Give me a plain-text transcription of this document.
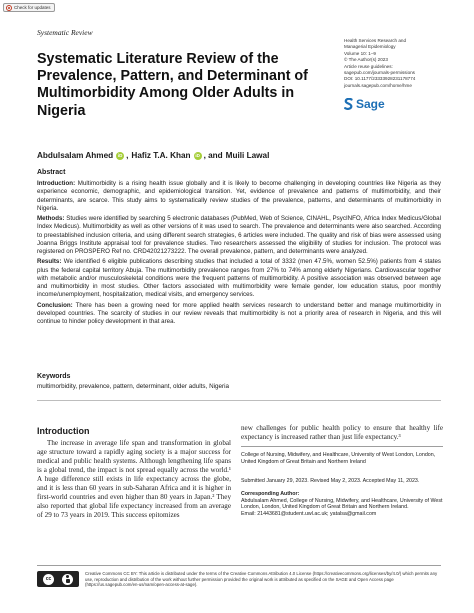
Check for updates
Systematic Review
Systematic Literature Review of the Prevalence, Pattern, and Determinant of Multimorbidity Among Older Adults in Nigeria
Health Services Research and
Managerial Epidemiology
Volume 10: 1–9
© The Author(s) 2023
Article reuse guidelines:
sagepub.com/journals-permissions
DOI: 10.1177/23333928231178774
journals.sagepub.com/home/hme
Sage
Abdulsalam Ahmed	iD , Hafiz T.A. Khan	iD , and Muili Lawal
Abstract

Introduction: Multimorbidity is a rising health issue globally and it is likely to become challenging in developing countries like Nigeria as they experience economic, demographic, and epidemiological transition. Yet, evidence of prevalence and patterns of multimorbidity, and their determinants, are scarce. This study aims to systematically review studies of the prevalence, patterns, and determinants of multimorbidity in Nigeria.

Methods: Studies were identified by searching 5 electronic databases (PubMed, Web of Science, CINAHL, PsycINFO, Africa Index Medicus/Global Index Medicus). Multimorbidity as well as other versions of it was used to search. The prevalence and determinants were also searched. According to preestablished inclusion criteria, and using different search strategies, 6 articles were included. The quality and risk of bias were assessed using Joanna Briggs Institute appraisal tool for prevalence studies. Two researchers assessed the eligibility of studies for inclusion. The protocol was registered on PROSPERO Ref no. CRD42021273222. The overall prevalence, pattern, and determinants were analyzed.

Results: We identified 6 eligible publications describing studies that included a total of 3332 (men 47.5%, women 52.5%) patients from 4 states plus the federal capital territory Abuja. The multimorbidity prevalence ranges from 27% to 74% among elderly Nigerians. Cardiovascular together with metabolic and/or musculoskeletal conditions were the frequent patterns of multimorbidity. A positive association was observed between age and multimorbidity in most studies. Other factors associated with multimorbidity were female gender, low education status, poor monthly income/unemployment, hospitalization, medical visits, and emergency services.

Conclusion: There has been a growing need for more applied health services research to understand better and manage multimorbidity in developed countries. The scarcity of studies in our review reveals that multimorbidity is not a priority area of research in Nigeria, and this will continue to hinder policy development in that area.

Keywords
multimorbidity, prevalence, pattern, determinant, older adults, Nigeria
Introduction
The increase in average life span and transformation in global age structure toward a rapidly aging society is a major success for medical and public health systems. Although lengthening life spans is a global trend, the impact is not spread equally across the world.¹ A huge difference still exists in life expectancy across the globe, and it is less than 60 years in sub-Saharan Africa and it is higher in first-world countries and even higher than 80 years in Japan.² They also reported that global life expectancy increased from an average of 29 to 73 years in 2019. This success epitomizes
new challenges for public health policy to ensure that healthy life expectancy is increased rather than just life expectancy.³
College of Nursing, Midwifery, and Healthcare, University of West London, London, United Kingdom of Great Britain and Northern Ireland
Submitted January 29, 2023. Revised May 2, 2023. Accepted May 11, 2023.
Corresponding Author:
Abdulsalam Ahmed, College of Nursing, Midwifery, and Healthcare, University of West London, London, United Kingdom of Great Britain and Northern Ireland.
Email: 21443681@student.uwl.ac.uk; yatalsa@gmail.com
cc
Creative Commons CC BY: This article is distributed under the terms of the Creative Commons Attribution 4.0 License (https://creativecommons.org/licenses/by/4.0/) which permits any use, reproduction and distribution of the work without further permission provided the original work is attributed as specified on the SAGE and Open Access page (https://us.sagepub.com/en-us/nam/open-access-at-sage).
